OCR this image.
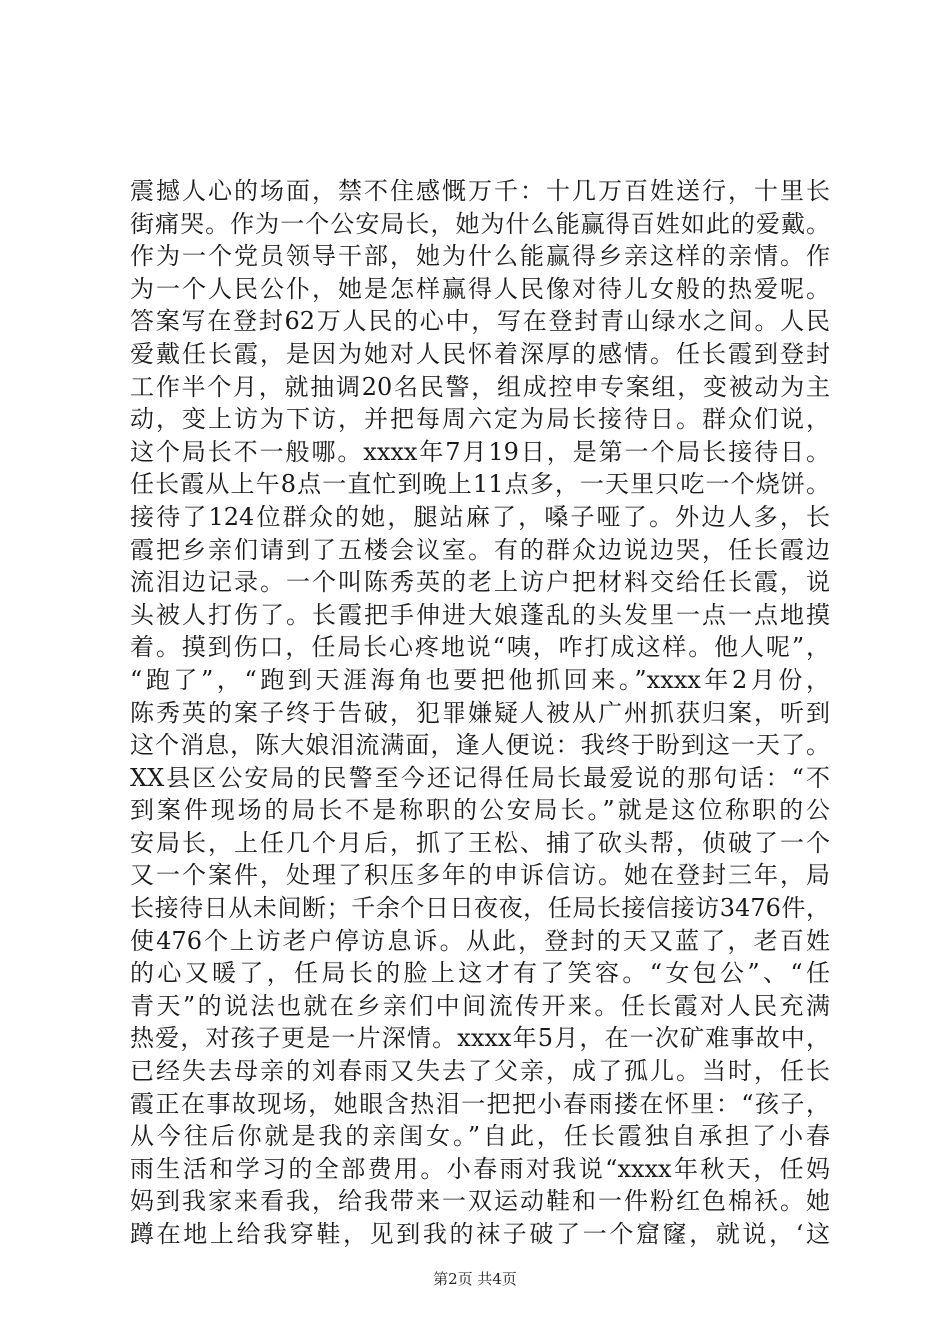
震撼人心的场面，禁不住感慨万千：十几万百姓送行，十里长
街痛哭。作为一个公安局长，她为什么能赢得百姓如此的爱戴。
作为一个党员领导干部，她为什么能赢得乡亲这样的亲情。作
为一个人民公仆，她是怎样赢得人民像对待儿女般的热爱呢。
答案写在登封62万人民的心中，写在登封青山绿水之间。人民
爱戴任长霞，是因为她对人民怀着深厚的感情。任长霞到登封
工作半个月，就抽调20名民警，组成控申专案组，变被动为主
动，变上访为下访，并把每周六定为局长接待日。群众们说，
这个局长不一般哪。xxxx年7月19日，是第一个局长接待日。
任长霞从上午8点一直忙到晚上11点多，一天里只吃一个烧饼。
接待了124位群众的她，腿站麻了，嗓子哑了。外边人多，长
霞把乡亲们请到了五楼会议室。有的群众边说边哭，任长霞边
流泪边记录。一个叫陈秀英的老上访户把材料交给任长霞，说
头被人打伤了。长霞把手伸进大娘蓬乱的头发里一点一点地摸
着。摸到伤口，任局长心疼地说“咦，咋打成这样。他人呢”，
“跑了”，“跑到天涯海角也要把他抓回来。”xxxx年2月份，
陈秀英的案子终于告破，犯罪嫌疑人被从广州抓获归案，听到
这个消息，陈大娘泪流满面，逢人便说：我终于盼到这一天了。
XX县区公安局的民警至今还记得任局长最爱说的那句话：“不
到案件现场的局长不是称职的公安局长。”就是这位称职的公
安局长，上任几个月后，抓了王松、捕了砍头帮，侦破了一个
又一个案件，处理了积压多年的申诉信访。她在登封三年，局
长接待日从未间断；千余个日日夜夜，任局长接信接访3476件，
使476个上访老户停访息诉。从此，登封的天又蓝了，老百姓
的心又暖了，任局长的脸上这才有了笑容。“女包公”、“任
青天”的说法也就在乡亲们中间流传开来。任长霞对人民充满
热爱，对孩子更是一片深情。xxxx年5月，在一次矿难事故中，
已经失去母亲的刘春雨又失去了父亲，成了孤儿。当时，任长
霞正在事故现场，她眼含热泪一把把小春雨搂在怀里：“孩子，
从今往后你就是我的亲闺女。”自此，任长霞独自承担了小春
雨生活和学习的全部费用。小春雨对我说“xxxx年秋天，任妈
妈到我家来看我，给我带来一双运动鞋和一件粉红色棉袄。她
蹲在地上给我穿鞋，见到我的袜子破了一个窟窿，就说，‘这
第2页 共4页
